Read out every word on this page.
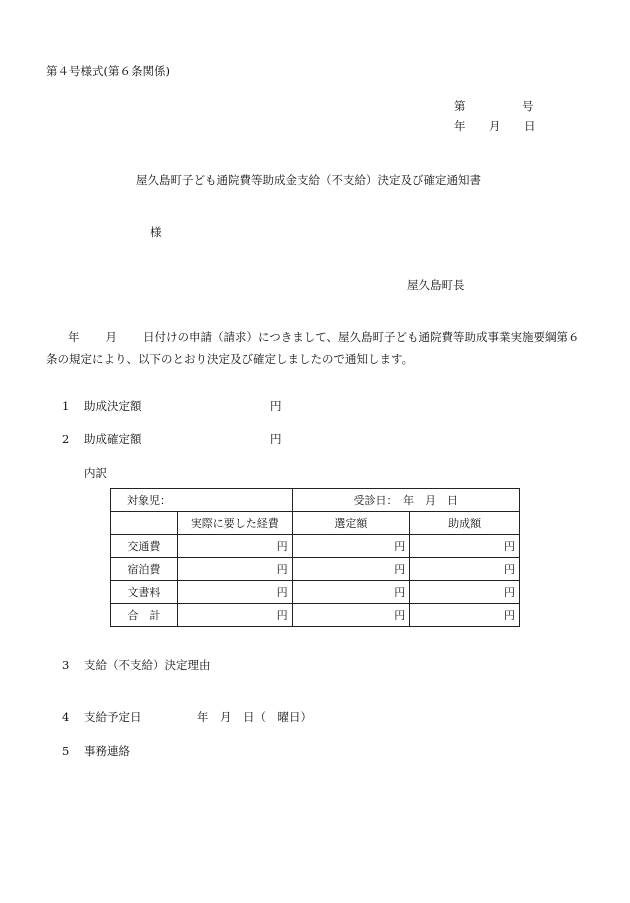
第４号様式(第６条関係)
第	号
年 月 日
屋久島町子ども通院費等助成金支給（不支給）決定及び確定通知書
様
屋久島町長
年 月 日付けの申請（請求）につきまして、屋久島町子ども通院費等助成事業実施要綱第６条の規定により、以下のとおり決定及び確定しましたので通知します。
1 助成決定額	円
2 助成確定額	円
内訳
対象児：		受診日：　年　月　日	
	実際に要した経費	選定額	助成額
交通費	円	円	円
宿泊費	円	円	円
文書料	円	円	円
合　計	円	円	円
3 支給（不支給）決定理由
4 支給予定日	年　月　日（　曜日）
5 事務連絡
